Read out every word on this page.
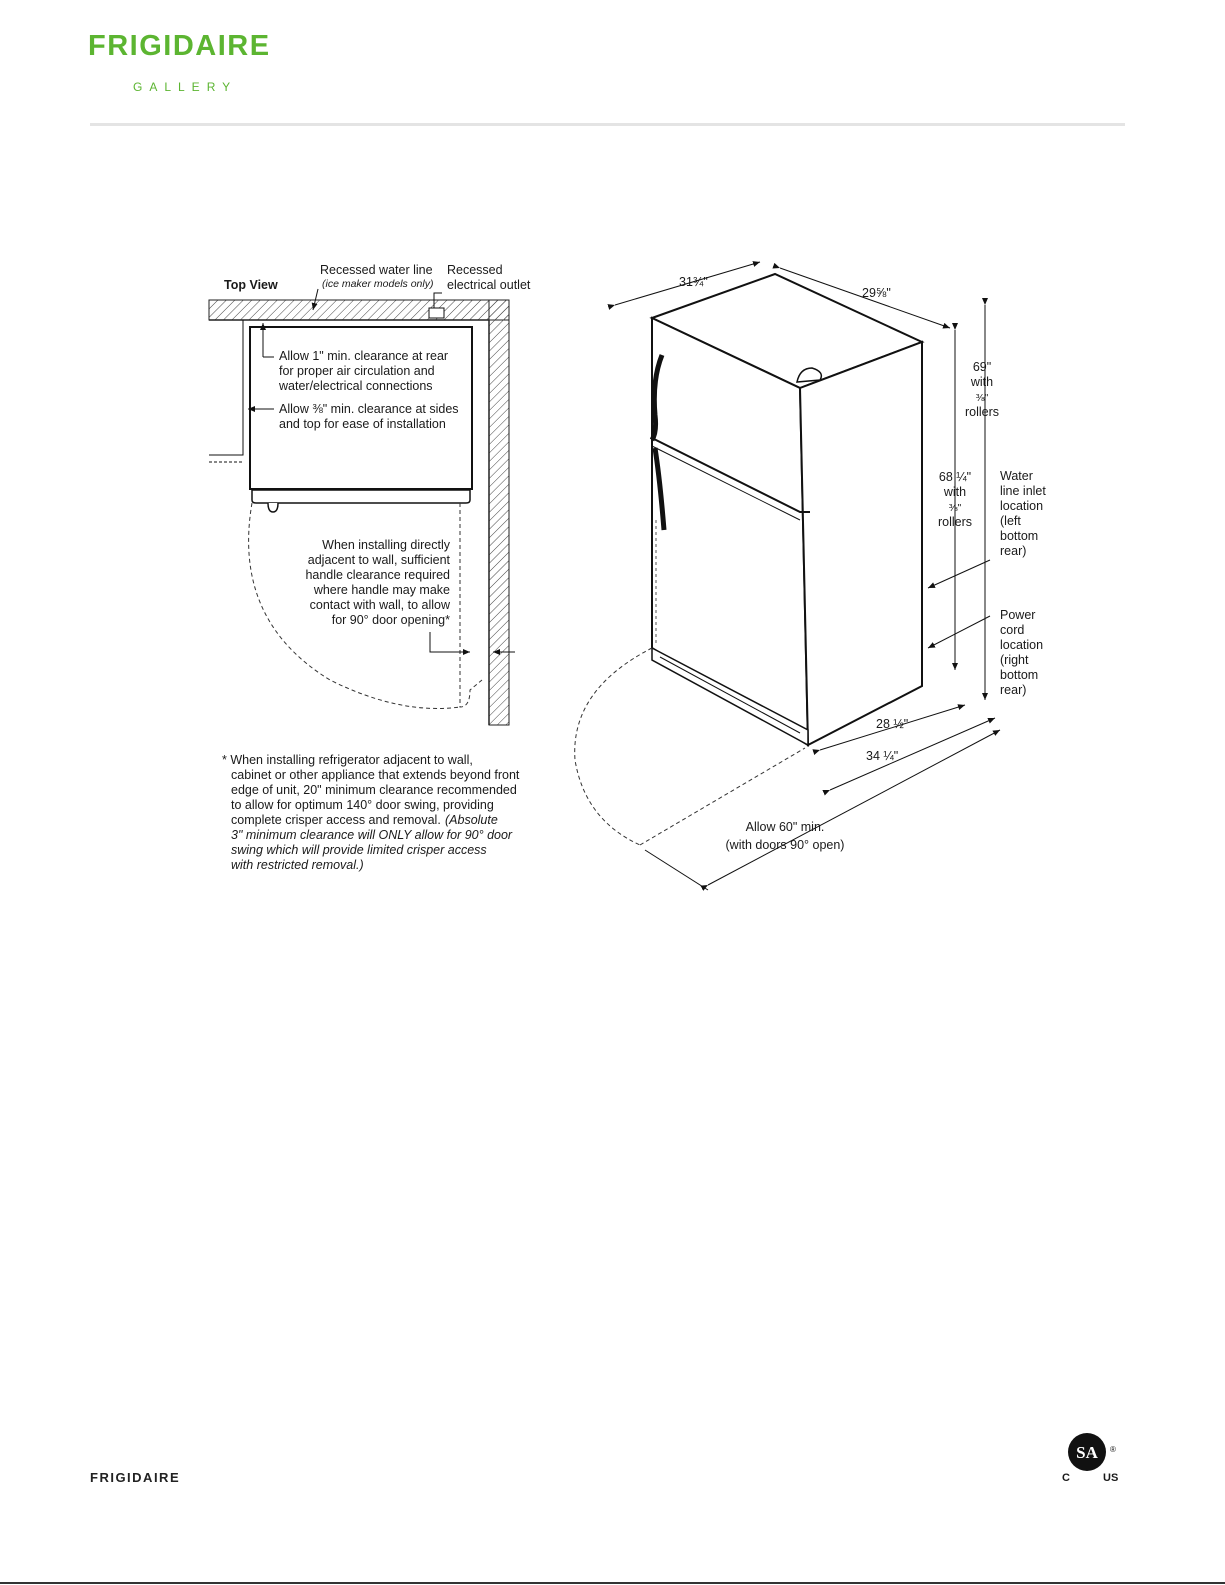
FRIGIDAIRE
GALLERY
Top View
Recessed water line
(ice maker models only)
Recessed
electrical outlet
Allow 1" min. clearance at rear
for proper air circulation and
water/electrical connections
Allow ⅜" min. clearance at sides
and top for ease of installation
When installing directly
adjacent to wall, sufficient
handle clearance required
where handle may make
contact with wall, to allow
for 90° door opening*
* When installing refrigerator adjacent to wall,
cabinet or other appliance that extends beyond front
edge of unit, 20" minimum clearance recommended
to allow for optimum 140° door swing, providing
complete crisper access and removal. (Absolute
3" minimum clearance will ONLY allow for 90° door
swing which will provide limited crisper access
with restricted removal.)
31¾"
29⅝"
69"
with
⅜"
rollers
68 ¼"
with
⅜"
rollers
Water
line inlet
location
(left
bottom
rear)
Power
cord
location
(right
bottom
rear)
28 ½"
34 ¼"
Allow 60" min.
(with doors 90° open)
FRIGIDAIRE
SA ®
C	US
